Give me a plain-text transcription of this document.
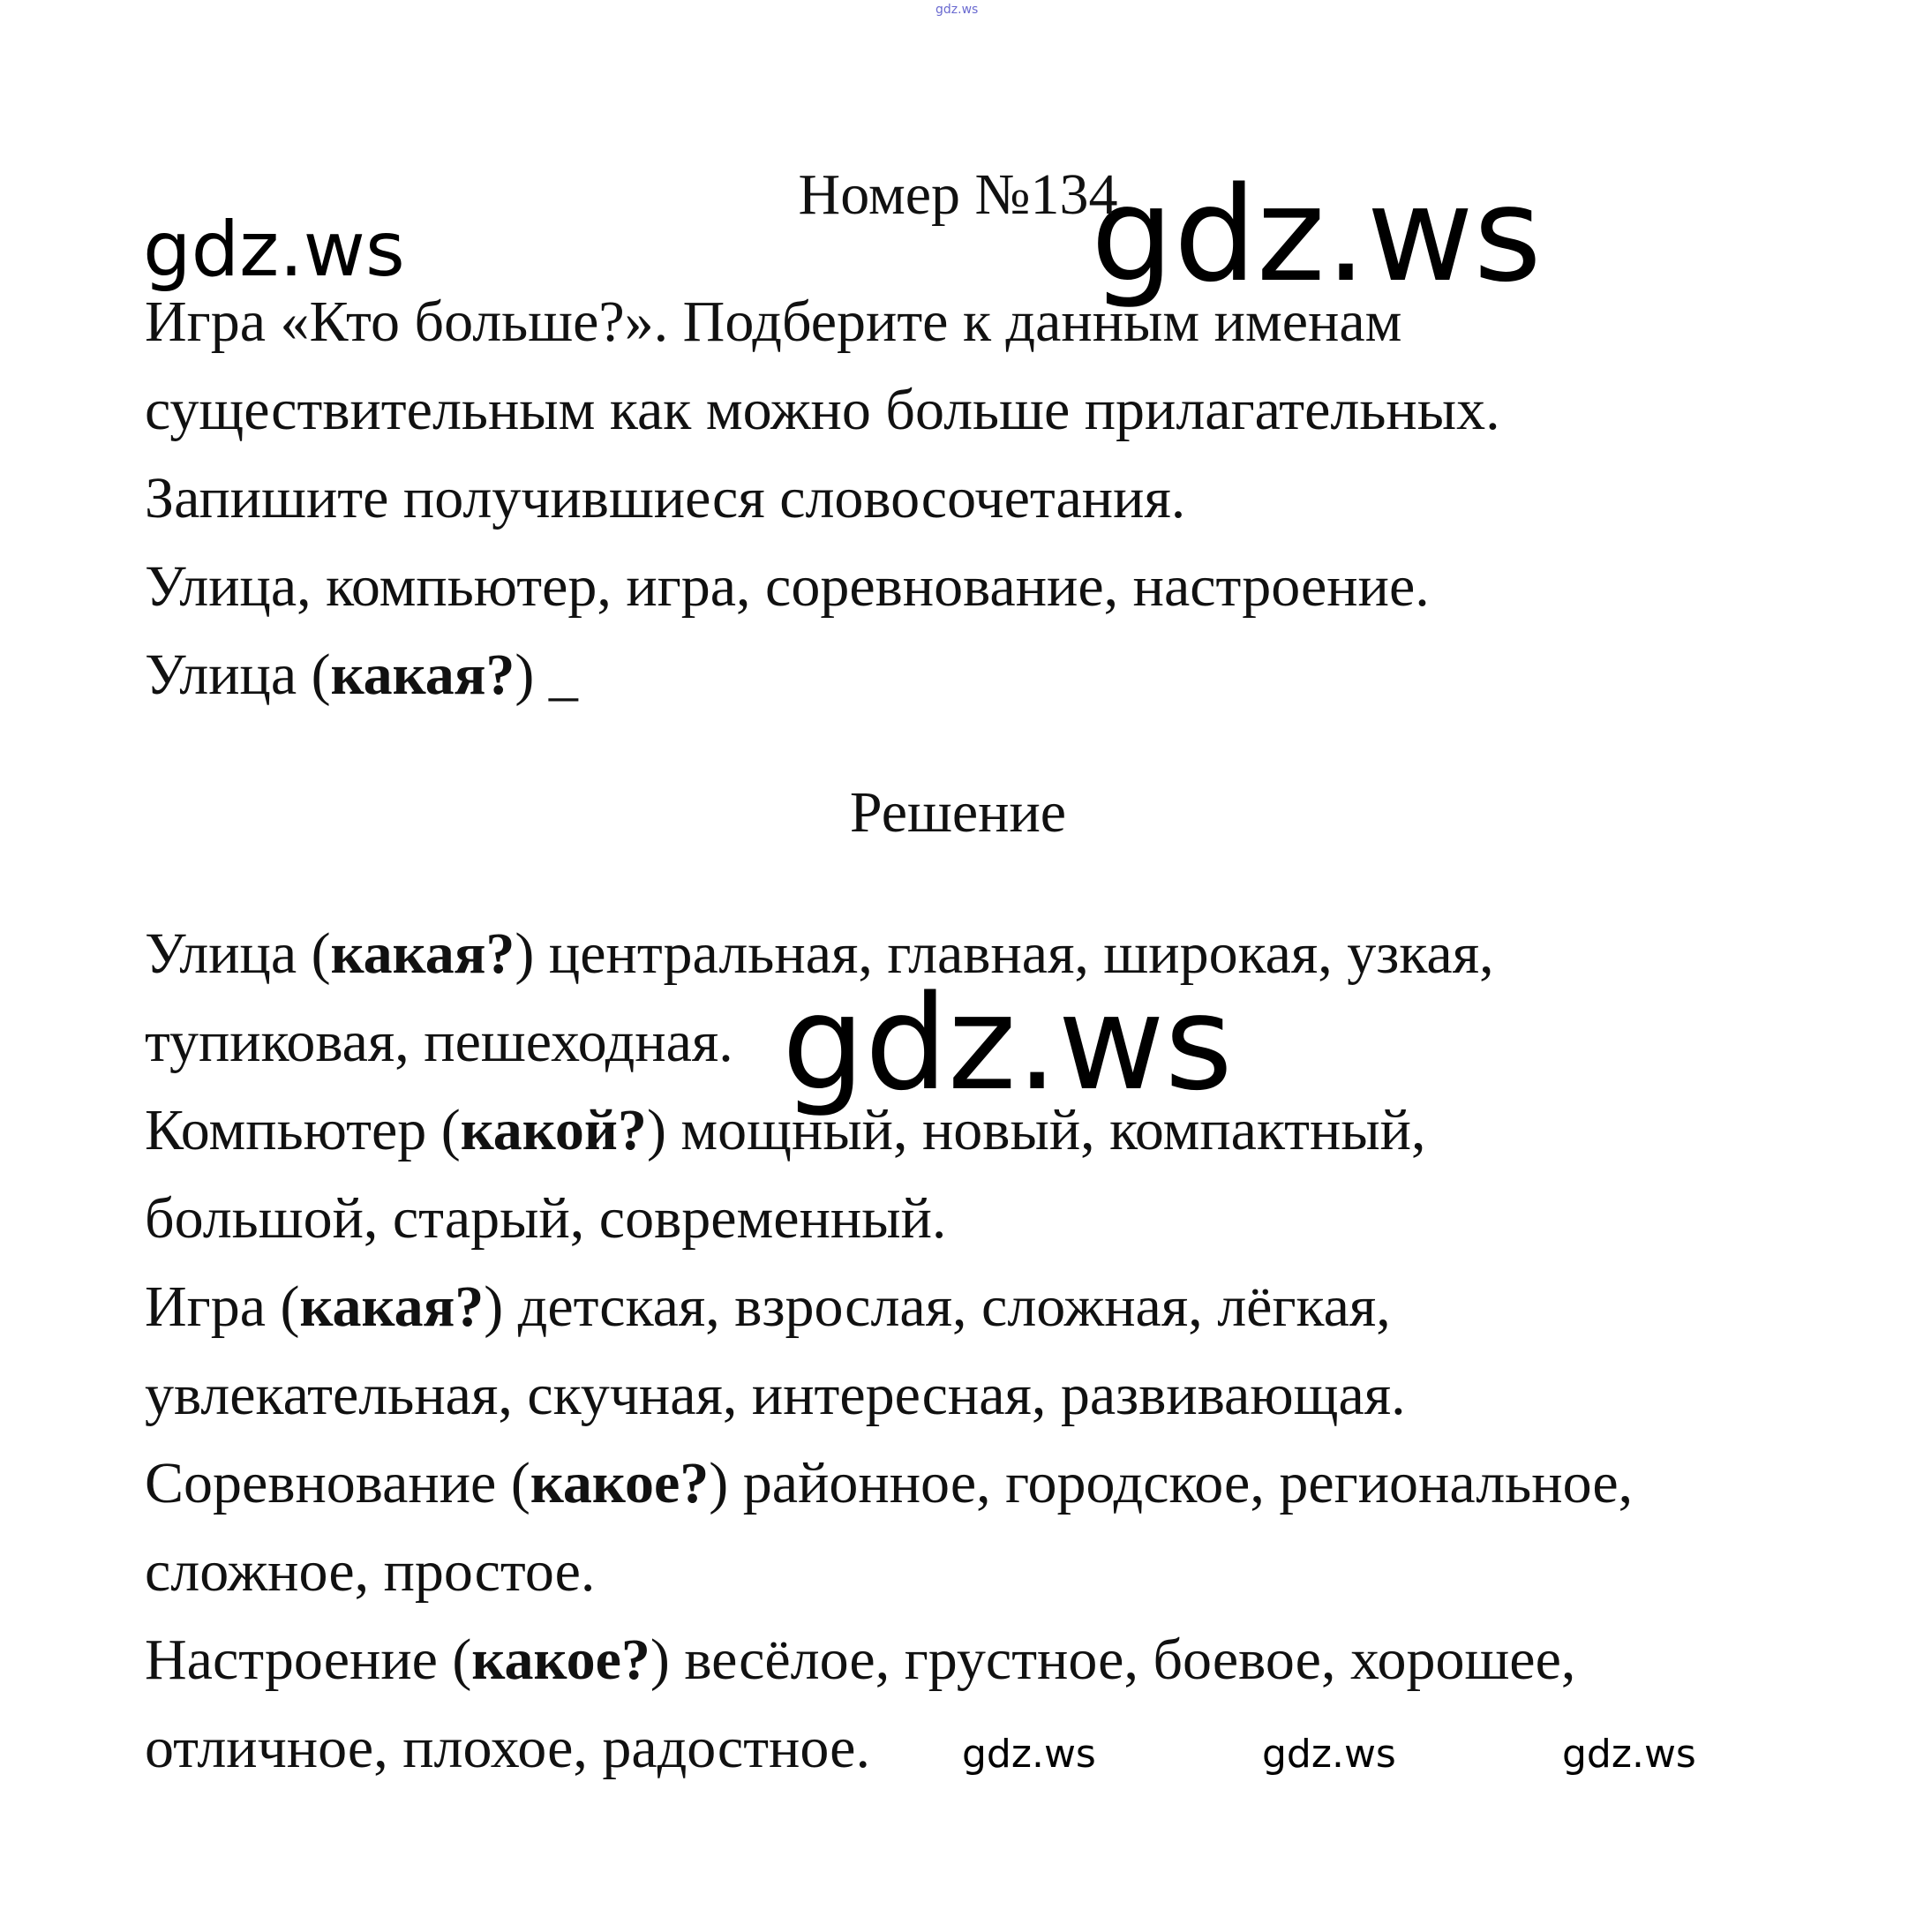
gdz.ws
gdz.ws	gdz.ws
gdz.ws
gdz.ws	gdz.ws	gdz.ws
Номер №134
Игра «Кто больше?». Подберите к данным именам
существительным как можно больше прилагательных.
Запишите получившиеся словосочетания.
Улица, компьютер, игра, соревнование, настроение.
Улица (какая?) _
Решение
Улица (какая?) центральная, главная, широкая, узкая,
тупиковая, пешеходная.
Компьютер (какой?) мощный, новый, компактный,
большой, старый, современный.
Игра (какая?) детская, взрослая, сложная, лёгкая,
увлекательная, скучная, интересная, развивающая.
Соревнование (какое?) районное, городское, региональное,
сложное, простое.
Настроение (какое?) весёлое, грустное, боевое, хорошее,
отличное, плохое, радостное.
